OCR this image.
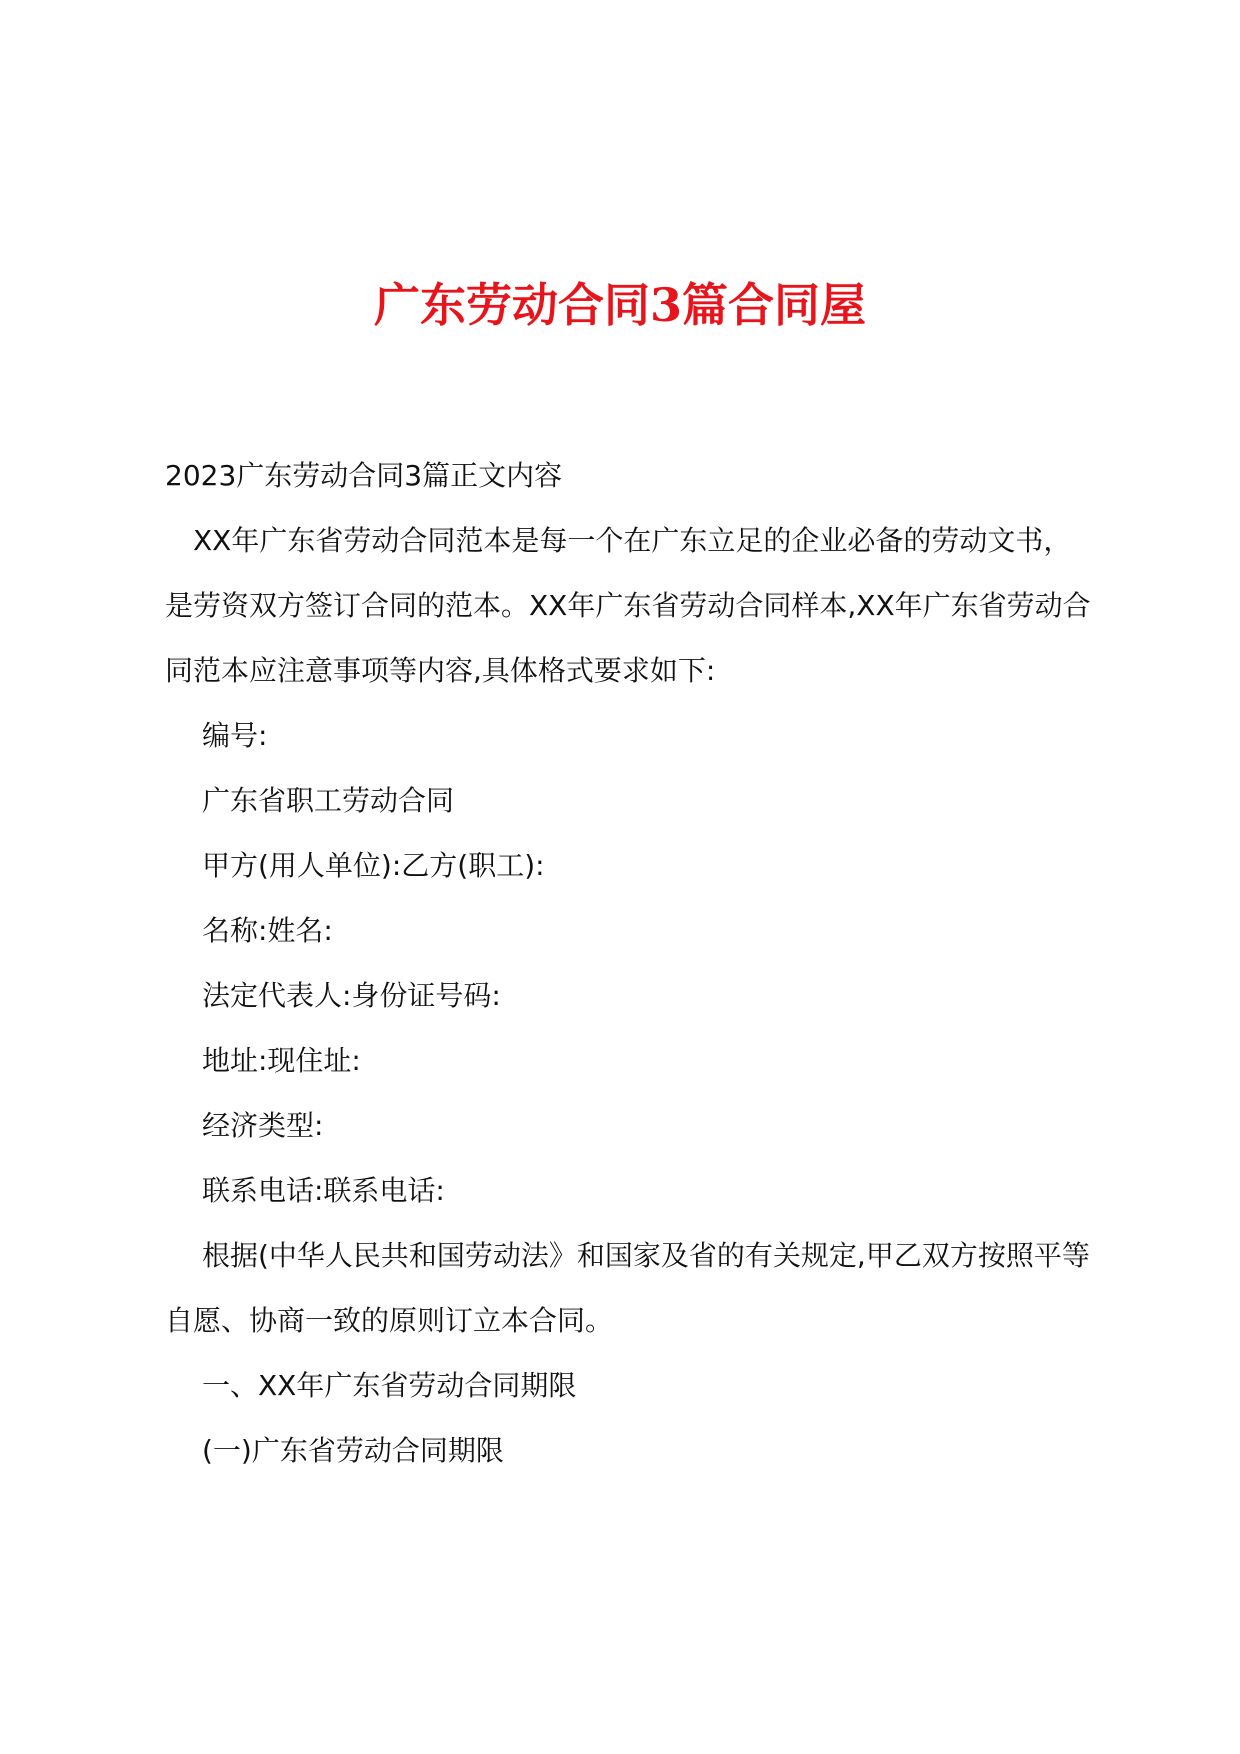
广东劳动合同3篇合同屋

2023广东劳动合同3篇正文内容

XX年广东省劳动合同范本是每一个在广东立足的企业必备的劳动文书，是劳资双方签订合同的范本。XX年广东省劳动合同样本,XX年广东省劳动合同范本应注意事项等内容,具体格式要求如下:

编号:

广东省职工劳动合同

甲方(用人单位):乙方(职工):

名称:姓名:

法定代表人:身份证号码:

地址:现住址:

经济类型:

联系电话:联系电话:

根据(中华人民共和国劳动法》和国家及省的有关规定,甲乙双方按照平等自愿、协商一致的原则订立本合同。

一、XX年广东省劳动合同期限

(一)广东省劳动合同期限
